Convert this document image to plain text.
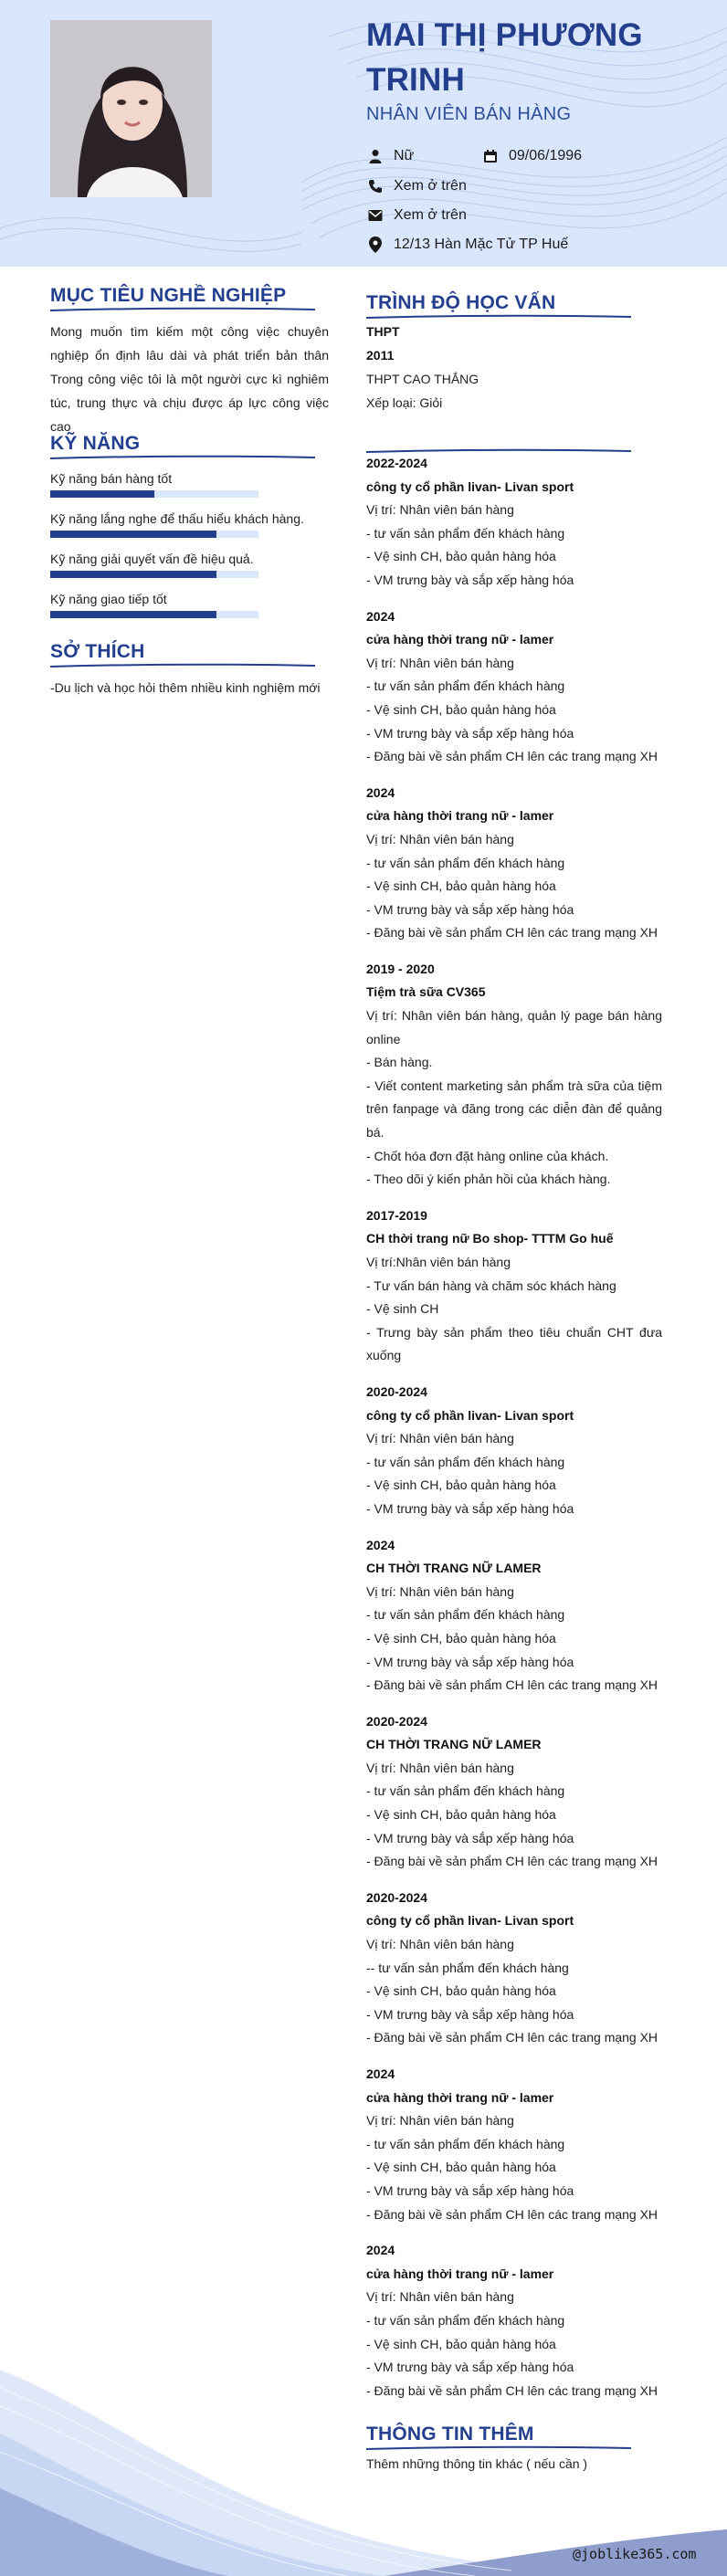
MAI THỊ PHƯƠNG TRINH
NHÂN VIÊN BÁN HÀNG
Nữ	09/06/1996
Xem ở trên
Xem ở trên
12/13 Hàn Mặc Tử TP Huế
MỤC TIÊU NGHỀ NGHIỆP
Mong muốn tìm kiếm một công việc chuyên nghiệp ổn định lâu dài và phát triển bản thân Trong công việc tôi là một người cực kì nghiêm túc, trung thực và chịu được áp lực công việc cao
KỸ NĂNG
Kỹ năng bán hàng tốt
Kỹ năng lắng nghe để thấu hiểu khách hàng.
Kỹ năng giải quyết vấn đề hiệu quả.
Kỹ năng giao tiếp tốt
SỞ THÍCH
-Du lịch và học hỏi thêm nhiều kinh nghiệm mới
TRÌNH ĐỘ HỌC VẤN
THPT
2011
THPT CAO THẮNG
Xếp loại: Giỏi
2022-2024
công ty cổ phần livan- Livan sport
Vị trí: Nhân viên bán hàng
- tư vấn sản phẩm đến khách hàng
- Vệ sinh CH, bảo quản hàng hóa
- VM trưng bày và sắp xếp hàng hóa
2024
cửa hàng thời trang nữ - lamer
Vị trí: Nhân viên bán hàng
- tư vấn sản phẩm đến khách hàng
- Vệ sinh CH, bảo quản hàng hóa
- VM trưng bày và sắp xếp hàng hóa
- Đăng bài về sản phẩm CH lên các trang mạng XH
2024
cửa hàng thời trang nữ - lamer
Vị trí: Nhân viên bán hàng
- tư vấn sản phẩm đến khách hàng
- Vệ sinh CH, bảo quản hàng hóa
- VM trưng bày và sắp xếp hàng hóa
- Đăng bài về sản phẩm CH lên các trang mạng XH
2019 - 2020
Tiệm trà sữa CV365
Vị trí: Nhân viên bán hàng, quản lý page bán hàng online
- Bán hàng.
- Viết content marketing sản phẩm trà sữa của tiệm trên fanpage và đăng trong các diễn đàn để quảng bá.
- Chốt hóa đơn đặt hàng online của khách.
- Theo dõi ý kiến phản hồi của khách hàng.
2017-2019
CH thời trang nữ Bo shop- TTTM Go huế
Vị trí:Nhân viên bán hàng
- Tư vấn bán hàng và chăm sóc khách hàng
- Vệ sinh CH
- Trưng bày sản phẩm theo tiêu chuẩn CHT đưa xuống
2020-2024
công ty cổ phần livan- Livan sport
Vị trí: Nhân viên bán hàng
- tư vấn sản phẩm đến khách hàng
- Vệ sinh CH, bảo quản hàng hóa
- VM trưng bày và sắp xếp hàng hóa
2024
CH THỜI TRANG NỮ LAMER
Vị trí: Nhân viên bán hàng
- tư vấn sản phẩm đến khách hàng
- Vệ sinh CH, bảo quản hàng hóa
- VM trưng bày và sắp xếp hàng hóa
- Đăng bài về sản phẩm CH lên các trang mạng XH
2020-2024
CH THỜI TRANG NỮ LAMER
Vị trí: Nhân viên bán hàng
- tư vấn sản phẩm đến khách hàng
- Vệ sinh CH, bảo quản hàng hóa
- VM trưng bày và sắp xếp hàng hóa
- Đăng bài về sản phẩm CH lên các trang mạng XH
2020-2024
công ty cổ phần livan- Livan sport
Vị trí: Nhân viên bán hàng
-- tư vấn sản phẩm đến khách hàng
- Vệ sinh CH, bảo quản hàng hóa
- VM trưng bày và sắp xếp hàng hóa
- Đăng bài về sản phẩm CH lên các trang mạng XH
2024
cửa hàng thời trang nữ - lamer
Vị trí: Nhân viên bán hàng
- tư vấn sản phẩm đến khách hàng
- Vệ sinh CH, bảo quản hàng hóa
- VM trưng bày và sắp xếp hàng hóa
- Đăng bài về sản phẩm CH lên các trang mạng XH
2024
cửa hàng thời trang nữ - lamer
Vị trí: Nhân viên bán hàng
- tư vấn sản phẩm đến khách hàng
- Vệ sinh CH, bảo quản hàng hóa
- VM trưng bày và sắp xếp hàng hóa
- Đăng bài về sản phẩm CH lên các trang mạng XH
THÔNG TIN THÊM
Thêm những thông tin khác ( nếu cần )
@joblike365.com
